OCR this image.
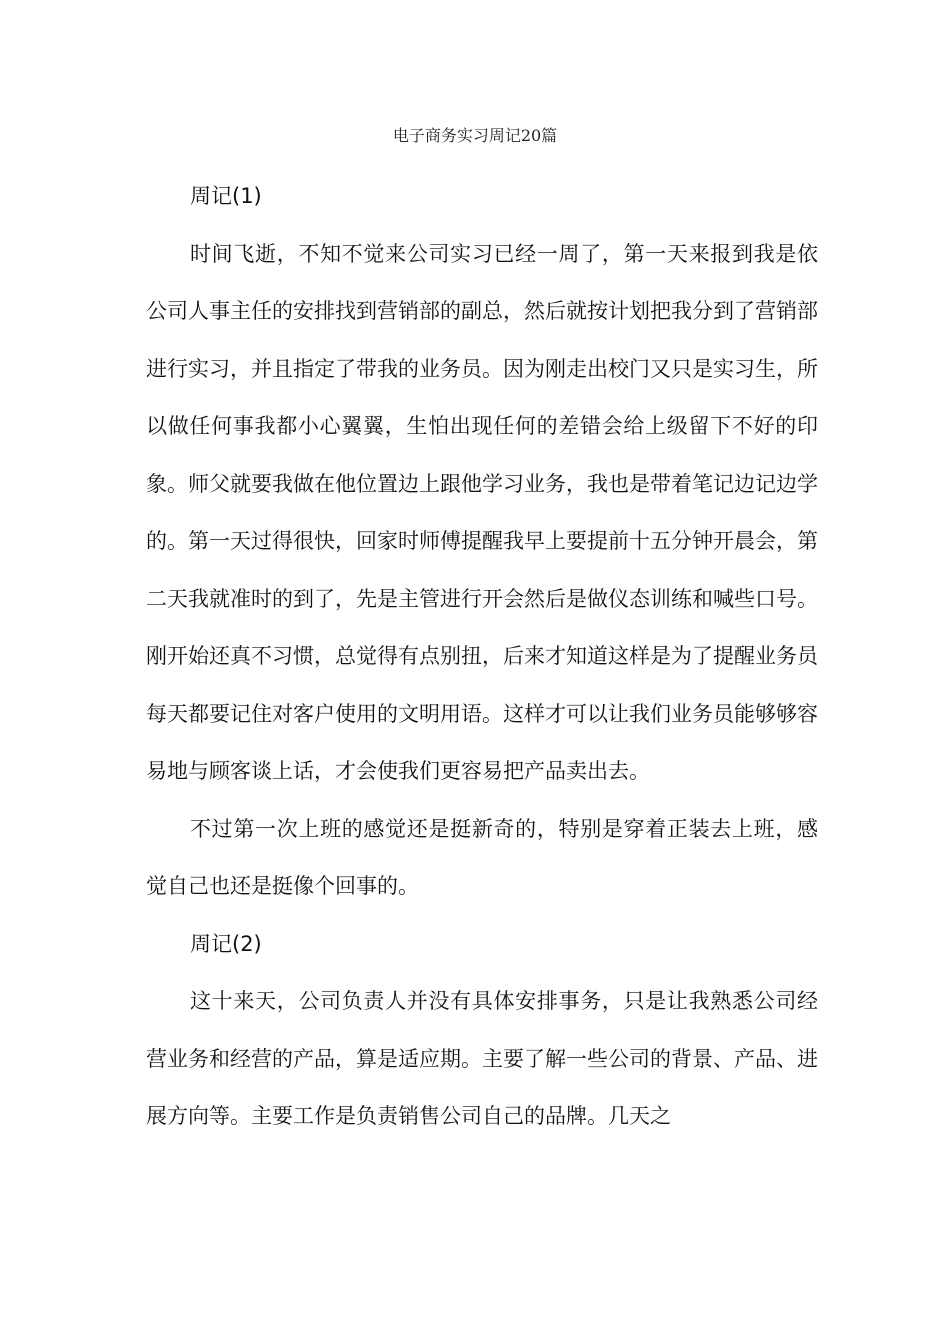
电子商务实习周记20篇

周记(1)

时间飞逝，不知不觉来公司实习已经一周了，第一天来报到我是依公司人事主任的安排找到营销部的副总，然后就按计划把我分到了营销部进行实习，并且指定了带我的业务员。因为刚走出校门又只是实习生，所以做任何事我都小心翼翼，生怕出现任何的差错会给上级留下不好的印象。师父就要我做在他位置边上跟他学习业务，我也是带着笔记边记边学的。第一天过得很快，回家时师傅提醒我早上要提前十五分钟开晨会，第二天我就准时的到了，先是主管进行开会然后是做仪态训练和喊些口号。刚开始还真不习惯，总觉得有点别扭，后来才知道这样是为了提醒业务员每天都要记住对客户使用的文明用语。这样才可以让我们业务员能够够容易地与顾客谈上话，才会使我们更容易把产品卖出去。

不过第一次上班的感觉还是挺新奇的，特别是穿着正装去上班，感觉自己也还是挺像个回事的。

周记(2)

这十来天，公司负责人并没有具体安排事务，只是让我熟悉公司经营业务和经营的产品，算是适应期。主要了解一些公司的背景、产品、进展方向等。主要工作是负责销售公司自己的品牌。几天之
